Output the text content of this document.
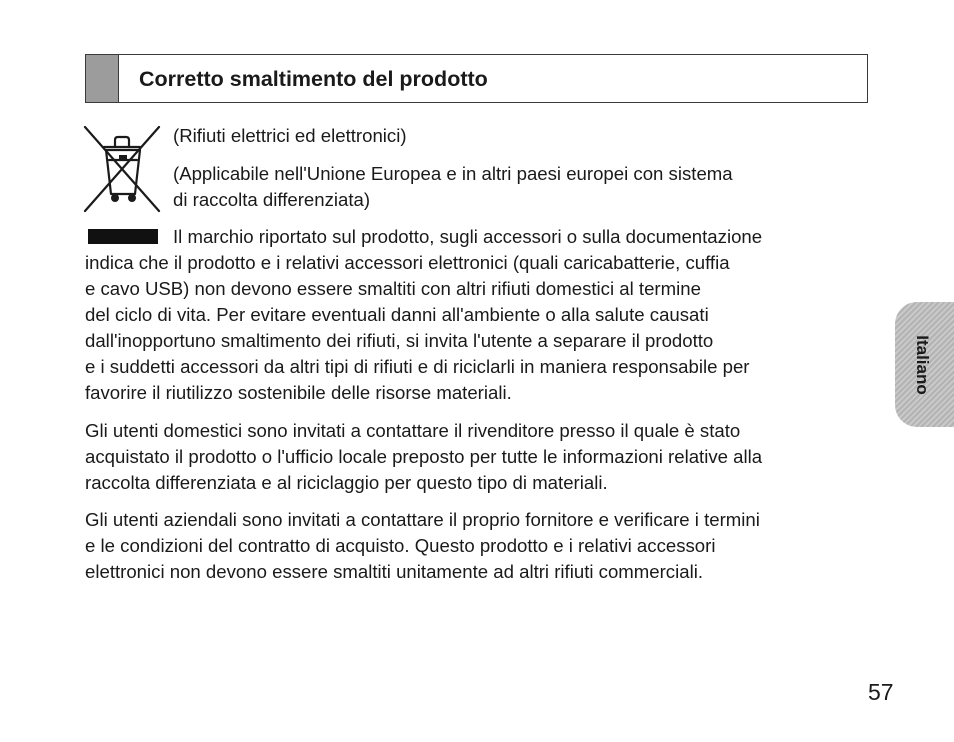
Corretto smaltimento del prodotto
(Rifiuti elettrici ed elettronici)
(Applicabile nell'Unione Europea e in altri paesi europei con sistema
di raccolta differenziata)
Il marchio riportato sul prodotto, sugli accessori o sulla documentazione
indica che il prodotto e i relativi accessori elettronici (quali caricabatterie, cuffia
e cavo USB) non devono essere smaltiti con altri rifiuti domestici al termine
del ciclo di vita. Per evitare eventuali danni all'ambiente o alla salute causati
dall'inopportuno smaltimento dei rifiuti, si invita l'utente a separare il prodotto
e i suddetti accessori da altri tipi di rifiuti e di riciclarli in maniera responsabile per
favorire il riutilizzo sostenibile delle risorse materiali.
Gli utenti domestici sono invitati a contattare il rivenditore presso il quale è stato
acquistato il prodotto o l'ufficio locale preposto per tutte le informazioni relative alla
raccolta differenziata e al riciclaggio per questo tipo di materiali.
Gli utenti aziendali sono invitati a contattare il proprio fornitore e verificare i termini
e le condizioni del contratto di acquisto. Questo prodotto e i relativi accessori
elettronici non devono essere smaltiti unitamente ad altri rifiuti commerciali.
Italiano
57
